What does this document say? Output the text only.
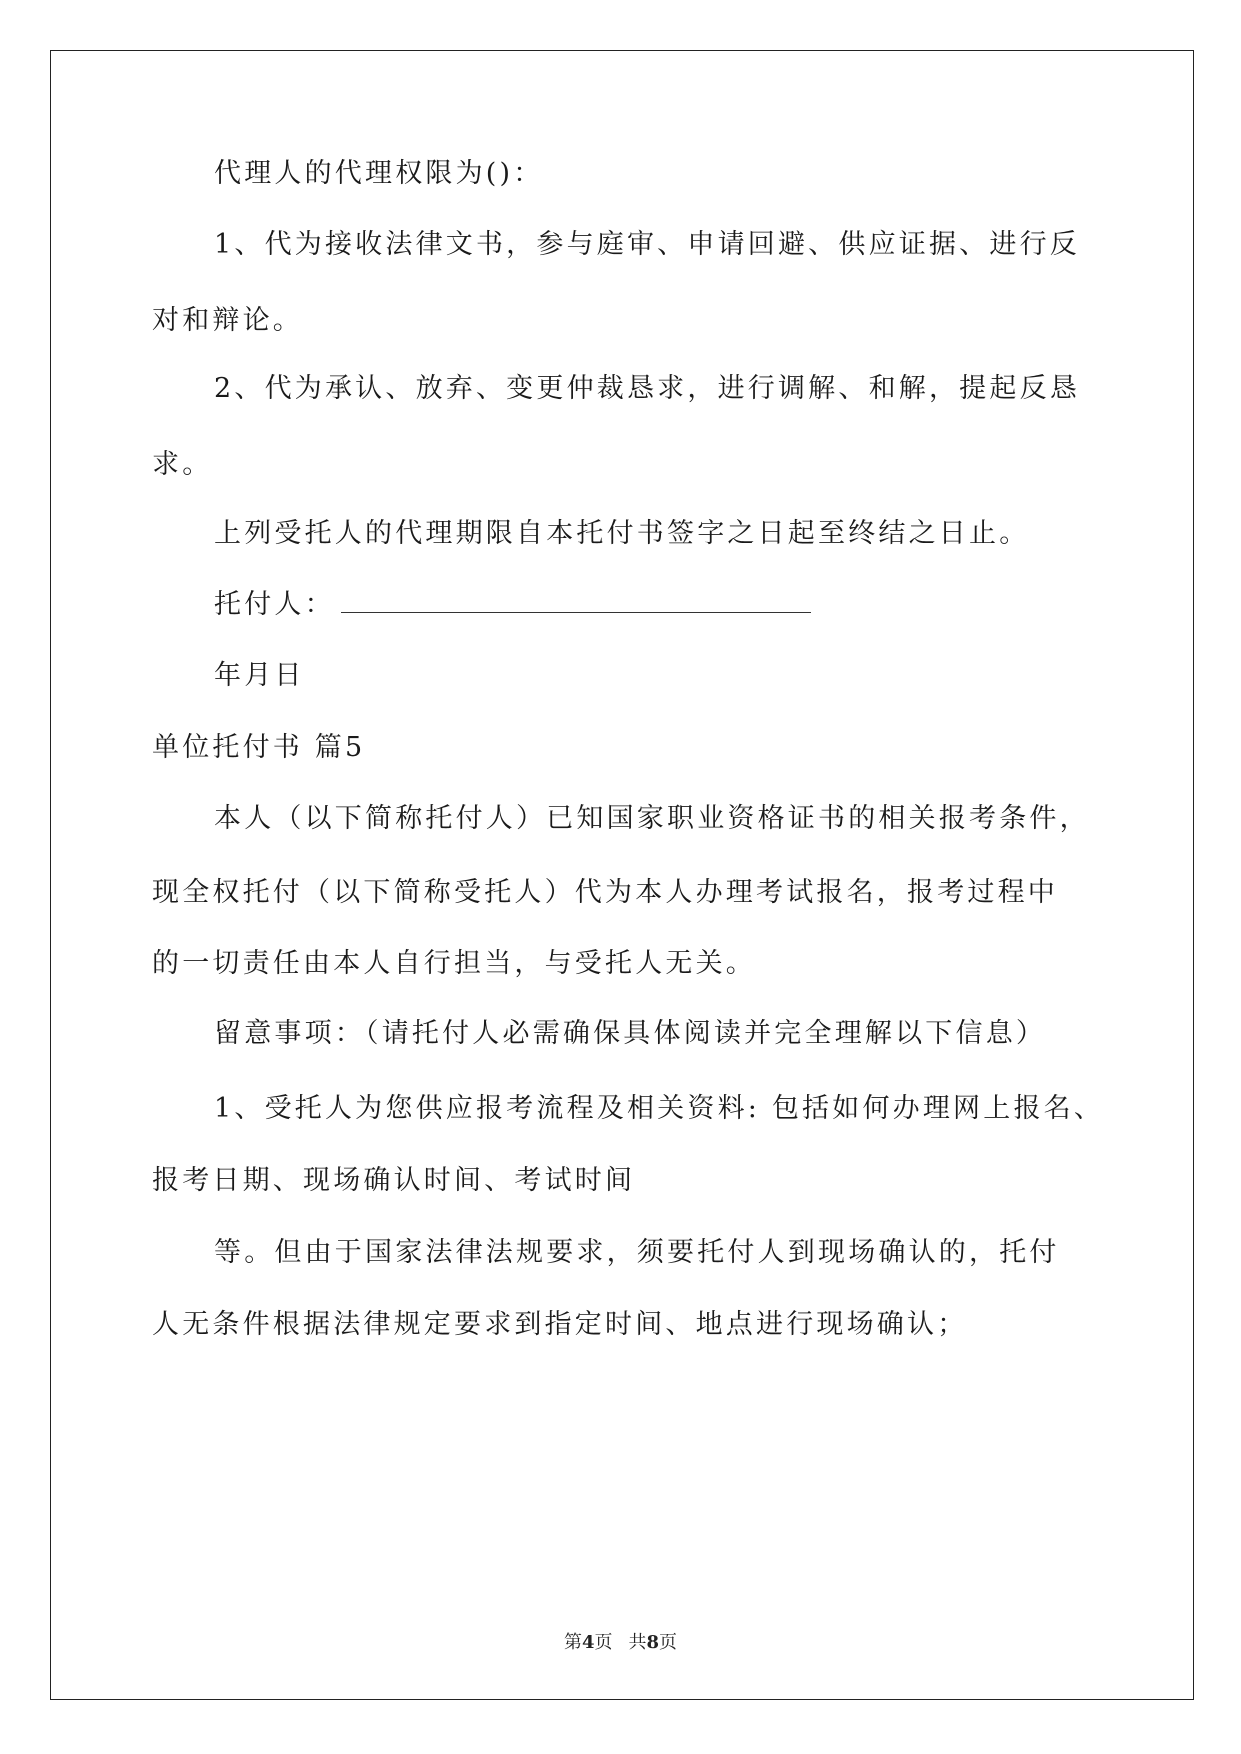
代理人的代理权限为()：
1、代为接收法律文书，参与庭审、申请回避、供应证据、进行反
对和辩论。
2、代为承认、放弃、变更仲裁恳求，进行调解、和解，提起反恳
求。
上列受托人的代理期限自本托付书签字之日起至终结之日止。
托付人：
年月日
单位托付书 篇5
本人（以下简称托付人）已知国家职业资格证书的相关报考条件，
现全权托付（以下简称受托人）代为本人办理考试报名，报考过程中
的一切责任由本人自行担当，与受托人无关。
留意事项：（请托付人必需确保具体阅读并完全理解以下信息）
1、受托人为您供应报考流程及相关资料: 包括如何办理网上报名、
报考日期、现场确认时间、考试时间
等。但由于国家法律法规要求，须要托付人到现场确认的，托付
人无条件根据法律规定要求到指定时间、地点进行现场确认；
第4页 共8页
